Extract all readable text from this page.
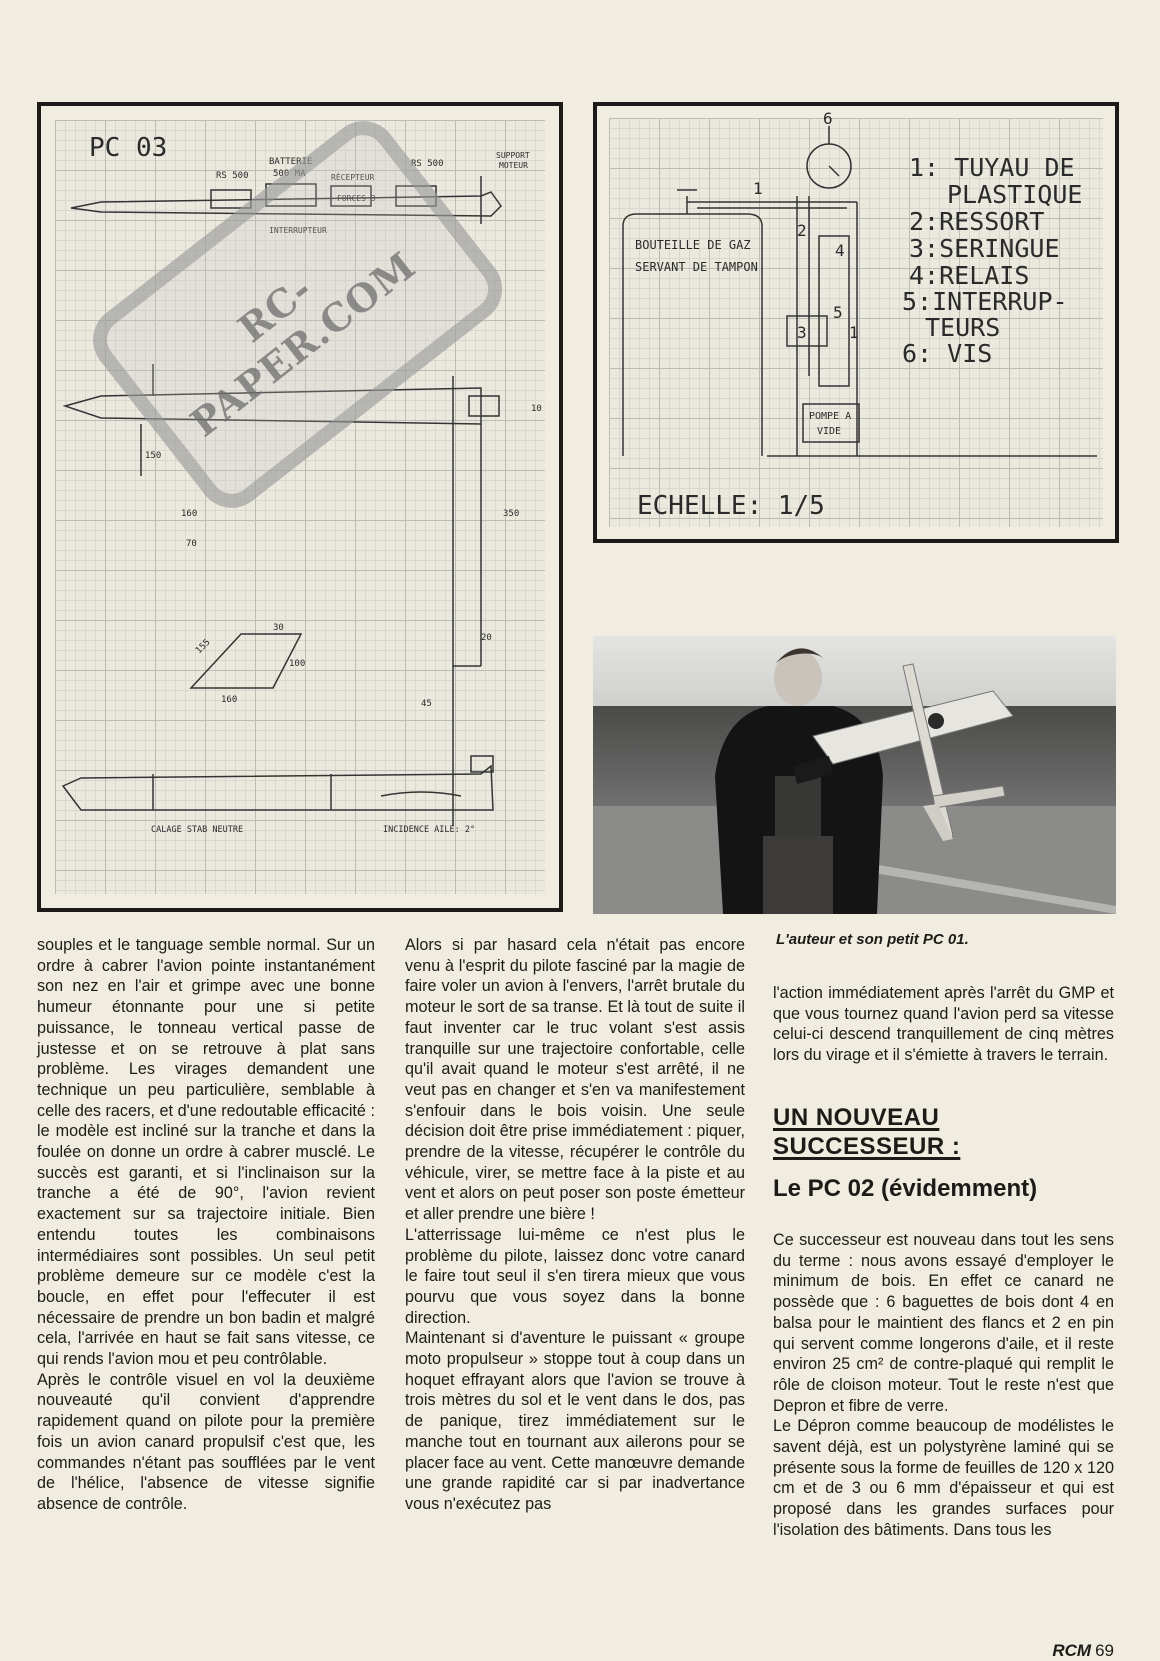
PC 03
RS 500
BATTERIE
500 MA	RÉCEPTEUR
FORCES 3
RS 500
SUPPORT
MOTEUR
INTERRUPTEUR
150
160
70
350
10
30
155
100
160	45
20
CALAGE STAB NEUTRE	INCIDENCE AILE: 2°
RC-PAPER.COM	BOUTEILLE DE GAZ
SERVANT DE TAMPON
6
1
2
4
5
3	1
POMPE A
VIDE
1: TUYAU DE
PLASTIQUE
2:RESSORT
3:SERINGUE
4:RELAIS
5:INTERRUP-
TEURS
6: VIS
ECHELLE: 1/5
L'auteur et son petit PC 01.

souples et le tanguage semble normal. Sur un ordre à cabrer l'avion pointe instantanément son nez en l'air et grimpe avec une bonne humeur étonnante pour une si petite puissance, le tonneau vertical passe de justesse et on se retrouve à plat sans problème. Les virages demandent une technique un peu particulière, semblable à celle des racers, et d'une redoutable efficacité : le modèle est incliné sur la tranche et dans la foulée on donne un ordre à cabrer musclé. Le succès est garanti, et si l'inclinaison sur la tranche a été de 90°, l'avion revient exactement sur sa trajectoire initiale. Bien entendu toutes les combinaisons intermédiaires sont possibles. Un seul petit problème demeure sur ce modèle c'est la boucle, en effet pour l'effecuter il est nécessaire de prendre un bon badin et malgré cela, l'arrivée en haut se fait sans vitesse, ce qui rends l'avion mou et peu contrôlable.

Après le contrôle visuel en vol la deuxième nouveauté qu'il convient d'apprendre rapidement quand on pilote pour la première fois un avion canard propulsif c'est que, les commandes n'étant pas soufflées par le vent de l'hélice, l'absence de vitesse signifie absence de contrôle.

Alors si par hasard cela n'était pas encore venu à l'esprit du pilote fasciné par la magie de faire voler un avion à l'envers, l'arrêt brutale du moteur le sort de sa transe. Et là tout de suite il faut inventer car le truc volant s'est assis tranquille sur une trajectoire confortable, celle qu'il avait quand le moteur s'est arrêté, il ne veut pas en changer et s'en va manifestement s'enfouir dans le bois voisin. Une seule décision doit être prise immédiatement : piquer, prendre de la vitesse, récupérer le contrôle du véhicule, virer, se mettre face à la piste et au vent et alors on peut poser son poste émetteur et aller prendre une bière !

L'atterrissage lui-même ce n'est plus le problème du pilote, laissez donc votre canard le faire tout seul il s'en tirera mieux que vous pourvu que vous soyez dans la bonne direction.

Maintenant si d'aventure le puissant « groupe moto propulseur » stoppe tout à coup dans un hoquet effrayant alors que l'avion se trouve à trois mètres du sol et le vent dans le dos, pas de panique, tirez immédiatement sur le manche tout en tournant aux ailerons pour se placer face au vent. Cette manœuvre demande une grande rapidité car si par inadvertance vous n'exécutez pas

l'action immédiatement après l'arrêt du GMP et que vous tournez quand l'avion perd sa vitesse celui-ci descend tranquillement de cinq mètres lors du virage et il s'émiette à travers le terrain.

UN NOUVEAU
SUCCESSEUR :
Le PC 02 (évidemment)

Ce successeur est nouveau dans tout les sens du terme : nous avons essayé d'employer le minimum de bois. En effet ce canard ne possède que : 6 baguettes de bois dont 4 en balsa pour le maintient des flancs et 2 en pin qui servent comme longerons d'aile, et il reste environ 25 cm² de contre-plaqué qui remplit le rôle de cloison moteur. Tout le reste n'est que Depron et fibre de verre.

Le Dépron comme beaucoup de modélistes le savent déjà, est un polystyrène laminé qui se présente sous la forme de feuilles de 120 x 120 cm et de 3 ou 6 mm d'épaisseur et qui est proposé dans les grandes surfaces pour l'isolation des bâtiments. Dans tous les

RCM 69
